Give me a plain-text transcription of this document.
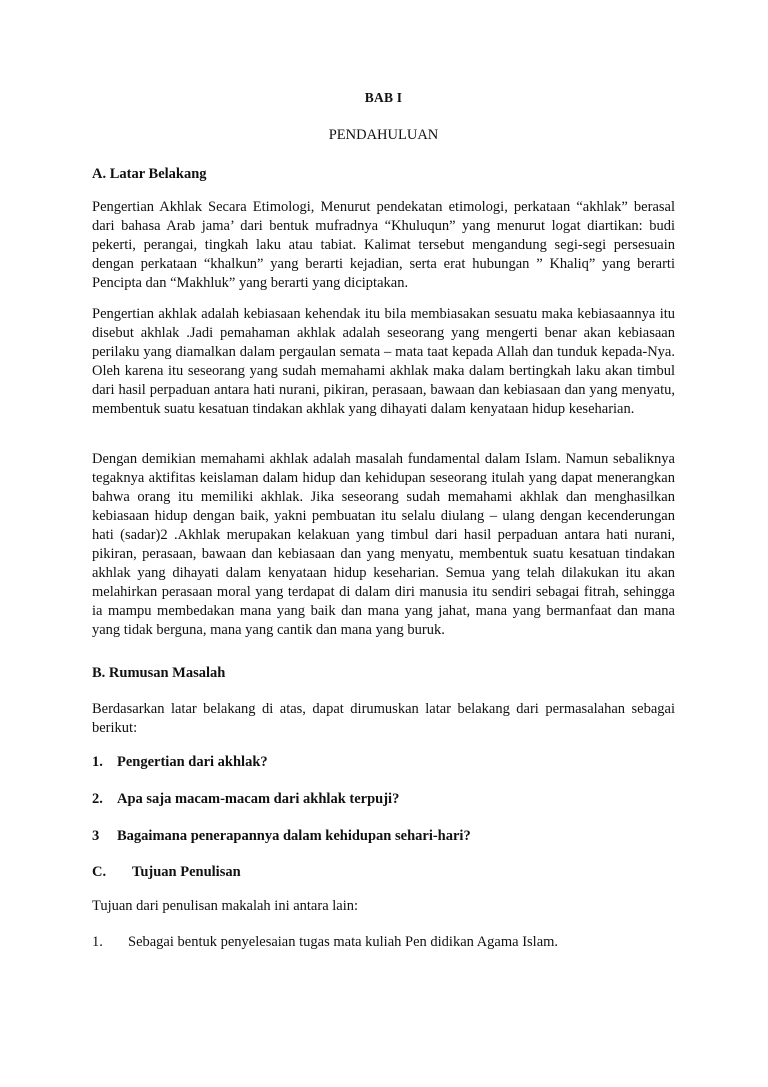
BAB I
PENDAHULUAN
A. Latar Belakang
Pengertian Akhlak Secara Etimologi, Menurut pendekatan etimologi, perkataan “akhlak” berasal dari bahasa Arab jama’ dari bentuk mufradnya “Khuluqun” yang menurut logat diartikan: budi pekerti, perangai, tingkah laku atau tabiat. Kalimat tersebut mengandung segi-segi persesuain dengan perkataan “khalkun” yang berarti kejadian, serta erat hubungan ” Khaliq” yang berarti Pencipta dan “Makhluk” yang berarti yang diciptakan.
Pengertian akhlak adalah kebiasaan kehendak itu bila membiasakan sesuatu maka kebiasaannya itu disebut akhlak .Jadi pemahaman akhlak adalah seseorang yang mengerti benar akan kebiasaan perilaku yang diamalkan dalam pergaulan semata – mata taat kepada Allah dan tunduk kepada-Nya. Oleh karena itu seseorang yang sudah memahami akhlak maka dalam bertingkah laku akan timbul dari hasil perpaduan antara hati nurani, pikiran, perasaan, bawaan dan kebiasaan dan yang menyatu, membentuk suatu kesatuan tindakan akhlak yang dihayati dalam kenyataan hidup keseharian.
Dengan demikian memahami akhlak adalah masalah fundamental dalam Islam. Namun sebaliknya tegaknya aktifitas keislaman dalam hidup dan kehidupan seseorang itulah yang dapat menerangkan bahwa orang itu memiliki akhlak. Jika seseorang sudah memahami akhlak dan menghasilkan kebiasaan hidup dengan baik, yakni pembuatan itu selalu diulang – ulang dengan kecenderungan hati (sadar)2 .Akhlak merupakan kelakuan yang timbul dari hasil perpaduan antara hati nurani, pikiran, perasaan, bawaan dan kebiasaan dan yang menyatu, membentuk suatu kesatuan tindakan akhlak yang dihayati dalam kenyataan hidup keseharian. Semua yang telah dilakukan itu akan melahirkan perasaan moral yang terdapat di dalam diri manusia itu sendiri sebagai fitrah, sehingga ia mampu membedakan mana yang baik dan mana yang jahat, mana yang bermanfaat dan mana yang tidak berguna, mana yang cantik dan mana yang buruk.
B. Rumusan Masalah
Berdasarkan latar belakang di atas, dapat dirumuskan latar belakang dari permasalahan sebagai berikut:
1. Pengertian dari akhlak?
2. Apa saja macam-macam dari akhlak terpuji?
3 Bagaimana penerapannya dalam kehidupan sehari-hari?
C. Tujuan Penulisan
Tujuan dari penulisan makalah ini antara lain:
1. Sebagai bentuk penyelesaian tugas mata kuliah Pen didikan Agama Islam.
